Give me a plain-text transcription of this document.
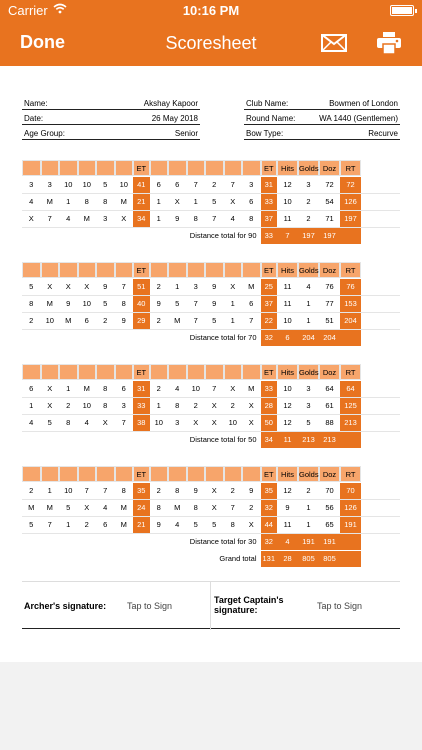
Carrier	10:16 PM
Done	Scoresheet
Name:	Akshay Kapoor
Date:	26 May 2018
Age Group:	Senior
Club Name:	Bowmen of London
Round Name:	WA 1440 (Gentlemen)
Bow Type:	Recurve
ET	ET Hits Golds Doz	RT
3	3	10	10	5	10	41	6	6	7	2	7	3	31	12	3	72	72
4	M	1	8	8	M	21	1	X	1	5	X	6	33	10	2	54	126
X	7	4	M	3	X	34	1	9	8	7	4	8	37	11	2	71	197
Distance total for 90	33	7	197	197
ET	ET Hits Golds Doz	RT
5	X	X	X	9	7	51	2	1	3	9	X	M	25	11	4	76	76
8	M	9	10	5	8	40	9	5	7	9	1	6	37	11	1	77	153
2	10	M	6	2	9	29	2	M	7	5	1	7	22	10	1	51	204
Distance total for 70	32	6	204	204
ET	ET Hits Golds Doz	RT
6	X	1	M	8	6	31	2	4	10	7	X	M	33	10	3	64	64
1	X	2	10	8	3	33	1	8	2	X	2	X	28	12	3	61	125
4	5	8	4	X	7	38	10	3	X	X	10	X	50	12	5	88	213
Distance total for 50	34	11	213	213
ET	ET Hits Golds Doz	RT
2	1	10	7	7	8	35	2	8	9	X	2	9	35	12	2	70	70
M	M	5	X	4	M	24	8	M	8	X	7	2	32	9	1	56	126
5	7	1	2	6	M	21	9	4	5	5	8	X	44	11	1	65	191
Distance total for 30	32	4	191	191
Grand total 131	28	805	805
Archer's signature: Tap to Sign
Target Captain's signature:	Tap to Sign
